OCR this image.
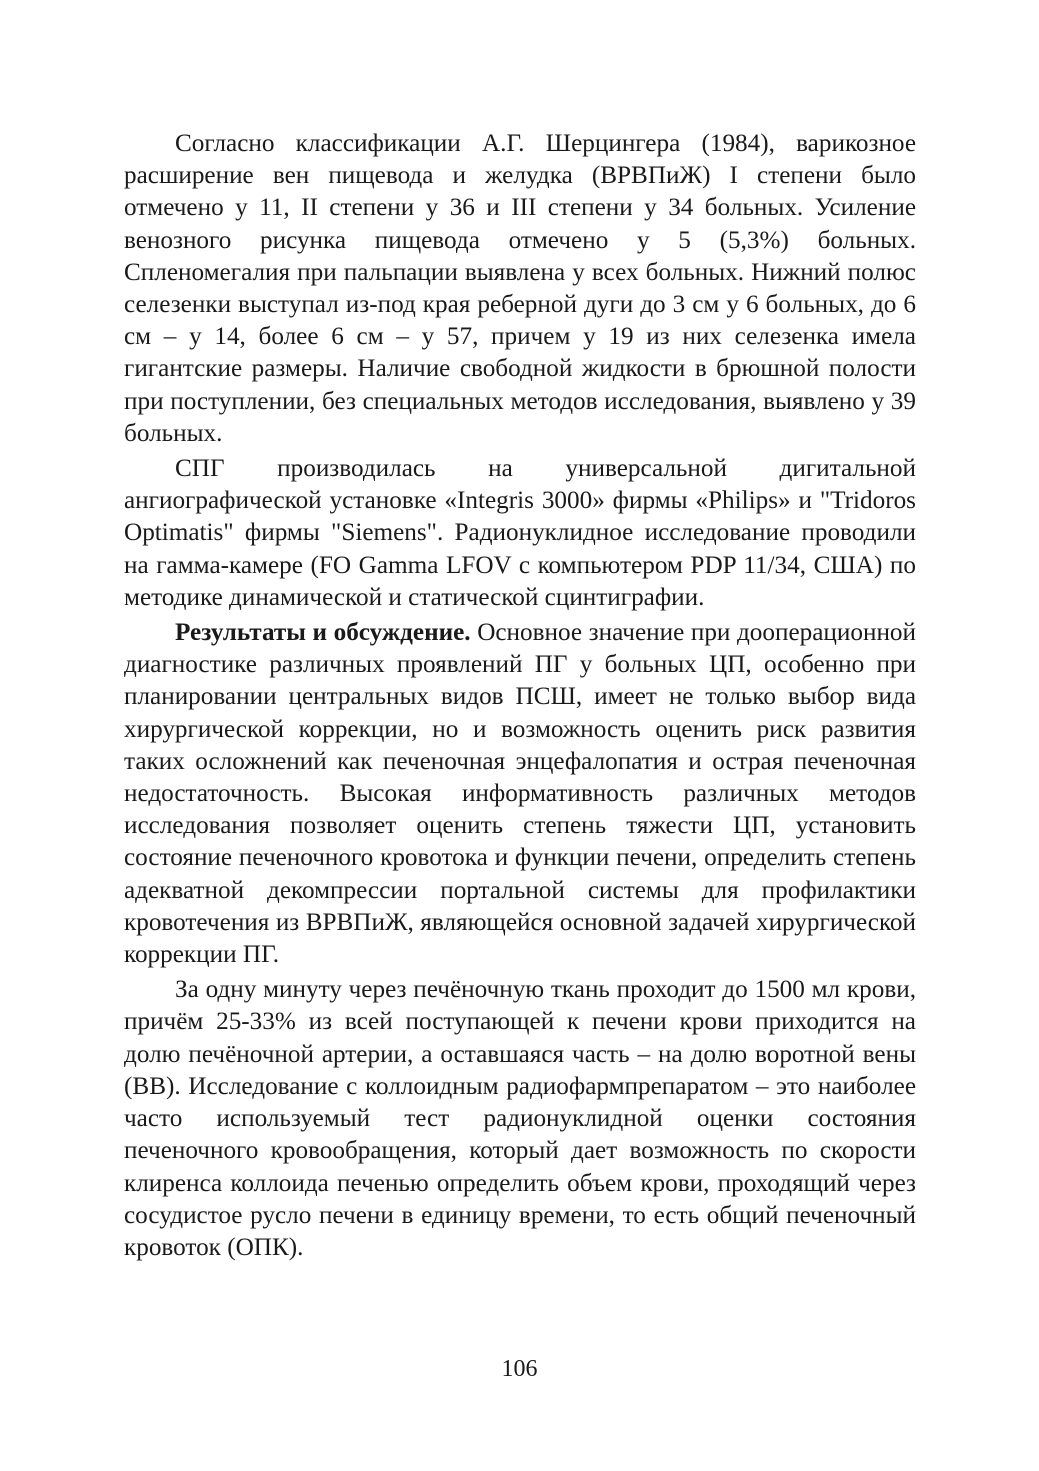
Согласно классификации А.Г. Шерцингера (1984), варикозное расширение вен пищевода и желудка (ВРВПиЖ) I степени было отмечено у 11, II степени у 36 и III степени у 34 больных. Усиление венозного рисунка пищевода отмечено у 5 (5,3%) больных. Спленомегалия при пальпации выявлена у всех больных. Нижний полюс селезенки выступал из-под края реберной дуги до 3 см у 6 больных, до 6 см – у 14, более 6 см – у 57, причем у 19 из них селезенка имела гигантские размеры. Наличие свободной жидкости в брюшной полости при поступлении, без специальных методов исследования, выявлено у 39 больных.

СПГ производилась на универсальной дигитальной ангиографической установке «Integris 3000» фирмы «Philips» и "Tridoros Optimatis" фирмы "Siemens". Радионуклидное исследование проводили на гамма-камере (FO Gamma LFOV с компьютером PDP 11/34, США) по методике динамической и статической сцинтиграфии.

Результаты и обсуждение. Основное значение при дооперационной диагностике различных проявлений ПГ у больных ЦП, особенно при планировании центральных видов ПСШ, имеет не только выбор вида хирургической коррекции, но и возможность оценить риск развития таких осложнений как печеночная энцефалопатия и острая печеночная недостаточность. Высокая информативность различных методов исследования позволяет оценить степень тяжести ЦП, установить состояние печеночного кровотока и функции печени, определить степень адекватной декомпрессии портальной системы для профилактики кровотечения из ВРВПиЖ, являющейся основной задачей хирургической коррекции ПГ.

За одну минуту через печёночную ткань проходит до 1500 мл крови, причём 25-33% из всей поступающей к печени крови приходится на долю печёночной артерии, а оставшаяся часть – на долю воротной вены (ВВ). Исследование с коллоидным радиофармпрепаратом – это наиболее часто используемый тест радионуклидной оценки состояния печеночного кровообращения, который дает возможность по скорости клиренса коллоида печенью определить объем крови, проходящий через сосудистое русло печени в единицу времени, то есть общий печеночный кровоток (ОПК).

106
